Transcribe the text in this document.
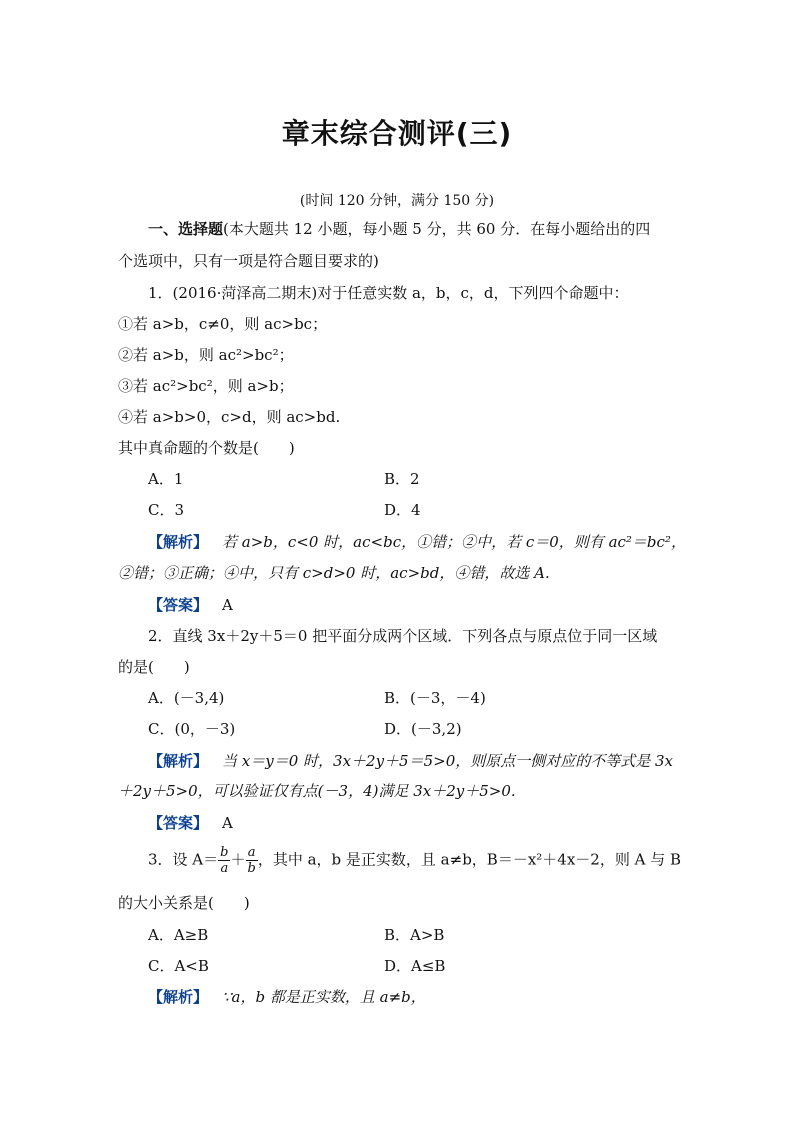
章末综合测评(三)
(时间 120 分钟，满分 150 分)
一、选择题(本大题共 12 小题，每小题 5 分，共 60 分．在每小题给出的四
个选项中，只有一项是符合题目要求的)
1．(2016·菏泽高二期末)对于任意实数 a，b，c，d，下列四个命题中：
①若 a>b，c≠0，则 ac>bc；
②若 a>b，则 ac²>bc²；
③若 ac²>bc²，则 a>b；
④若 a>b>0，c>d，则 ac>bd.
其中真命题的个数是(　　)
A．1	B．2
C．3	D．4
【解析】 若 a>b，c<0 时，ac<bc，①错；②中，若 c＝0，则有 ac²＝bc²，
②错；③正确；④中，只有 c>d>0 时，ac>bd，④错，故选 A.
【答案】 A
2．直线 3x＋2y＋5＝0 把平面分成两个区域．下列各点与原点位于同一区域
的是(　　)
A．(－3,4)	B．(－3，－4)
C．(0，－3)	D．(－3,2)
【解析】 当 x＝y＝0 时，3x＋2y＋5＝5>0，则原点一侧对应的不等式是 3x
＋2y＋5>0，可以验证仅有点(－3，4)满足 3x＋2y＋5>0.
【答案】 A
3．设 $A= \frac{b}{a} + \frac{a}{b}$ ，其中 a，b 是正实数，且 a≠b，B＝－x²＋4x－2，则 A 与 B
的大小关系是(　　)
A．A≥B	B．A>B
C．A<B	D．A≤B
【解析】 ∵a，b 都是正实数，且 a≠b，
